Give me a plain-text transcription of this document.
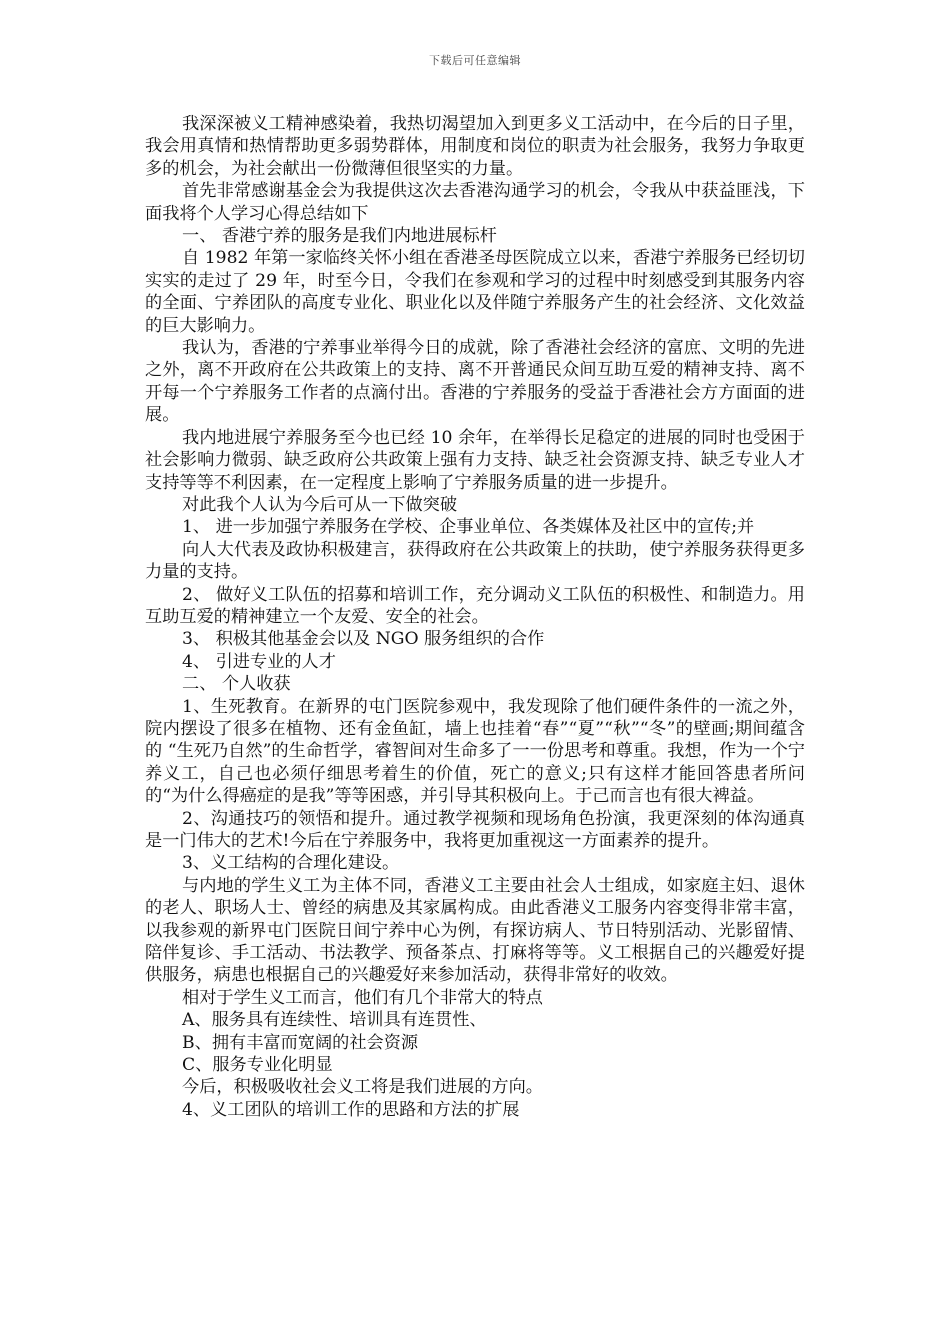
下载后可任意编辑

我深深被义工精神感染着，我热切渴望加入到更多义工活动中，在今后的日子里，我会用真情和热情帮助更多弱势群体，用制度和岗位的职责为社会服务，我努力争取更多的机会，为社会献出一份微薄但很坚实的力量。

首先非常感谢基金会为我提供这次去香港沟通学习的机会，令我从中获益匪浅，下面我将个人学习心得总结如下

一、 香港宁养的服务是我们内地进展标杆

自 1982 年第一家临终关怀小组在香港圣母医院成立以来，香港宁养服务已经切切实实的走过了 29 年，时至今日，令我们在参观和学习的过程中时刻感受到其服务内容的全面、宁养团队的高度专业化、职业化以及伴随宁养服务产生的社会经济、文化效益的巨大影响力。

我认为，香港的宁养事业举得今日的成就，除了香港社会经济的富庶、文明的先进之外，离不开政府在公共政策上的支持、离不开普通民众间互助互爱的精神支持、离不开每一个宁养服务工作者的点滴付出。香港的宁养服务的受益于香港社会方方面面的进展。

我内地进展宁养服务至今也已经 10 余年，在举得长足稳定的进展的同时也受困于社会影响力微弱、缺乏政府公共政策上强有力支持、缺乏社会资源支持、缺乏专业人才支持等等不利因素，在一定程度上影响了宁养服务质量的进一步提升。

对此我个人认为今后可从一下做突破

1、 进一步加强宁养服务在学校、企事业单位、各类媒体及社区中的宣传;并

向人大代表及政协积极建言，获得政府在公共政策上的扶助，使宁养服务获得更多力量的支持。

2、 做好义工队伍的招募和培训工作，充分调动义工队伍的积极性、和制造力。用互助互爱的精神建立一个友爱、安全的社会。

3、 积极其他基金会以及 NGO 服务组织的合作

4、 引进专业的人才

二、 个人收获

1、生死教育。在新界的屯门医院参观中，我发现除了他们硬件条件的一流之外，院内摆设了很多在植物、还有金鱼缸，墙上也挂着“春”“夏”“秋”“冬”的壁画;期间蕴含的 “生死乃自然”的生命哲学，睿智间对生命多了一一份思考和尊重。我想，作为一个宁养义工，自己也必须仔细思考着生的价值，死亡的意义;只有这样才能回答患者所问的“为什么得癌症的是我”等等困惑，并引导其积极向上。于己而言也有很大裨益。

2、沟通技巧的领悟和提升。通过教学视频和现场角色扮演，我更深刻的体沟通真是一门伟大的艺术!今后在宁养服务中，我将更加重视这一方面素养的提升。

3、义工结构的合理化建设。

与内地的学生义工为主体不同，香港义工主要由社会人士组成，如家庭主妇、退休的老人、职场人士、曾经的病患及其家属构成。由此香港义工服务内容变得非常丰富，以我参观的新界屯门医院日间宁养中心为例，有探访病人、节日特别活动、光影留情、陪伴复诊、手工活动、书法教学、预备茶点、打麻将等等。义工根据自己的兴趣爱好提供服务，病患也根据自己的兴趣爱好来参加活动，获得非常好的收效。

相对于学生义工而言，他们有几个非常大的特点

A、服务具有连续性、培训具有连贯性、

B、拥有丰富而宽阔的社会资源

C、服务专业化明显

今后，积极吸收社会义工将是我们进展的方向。

4、义工团队的培训工作的思路和方法的扩展
